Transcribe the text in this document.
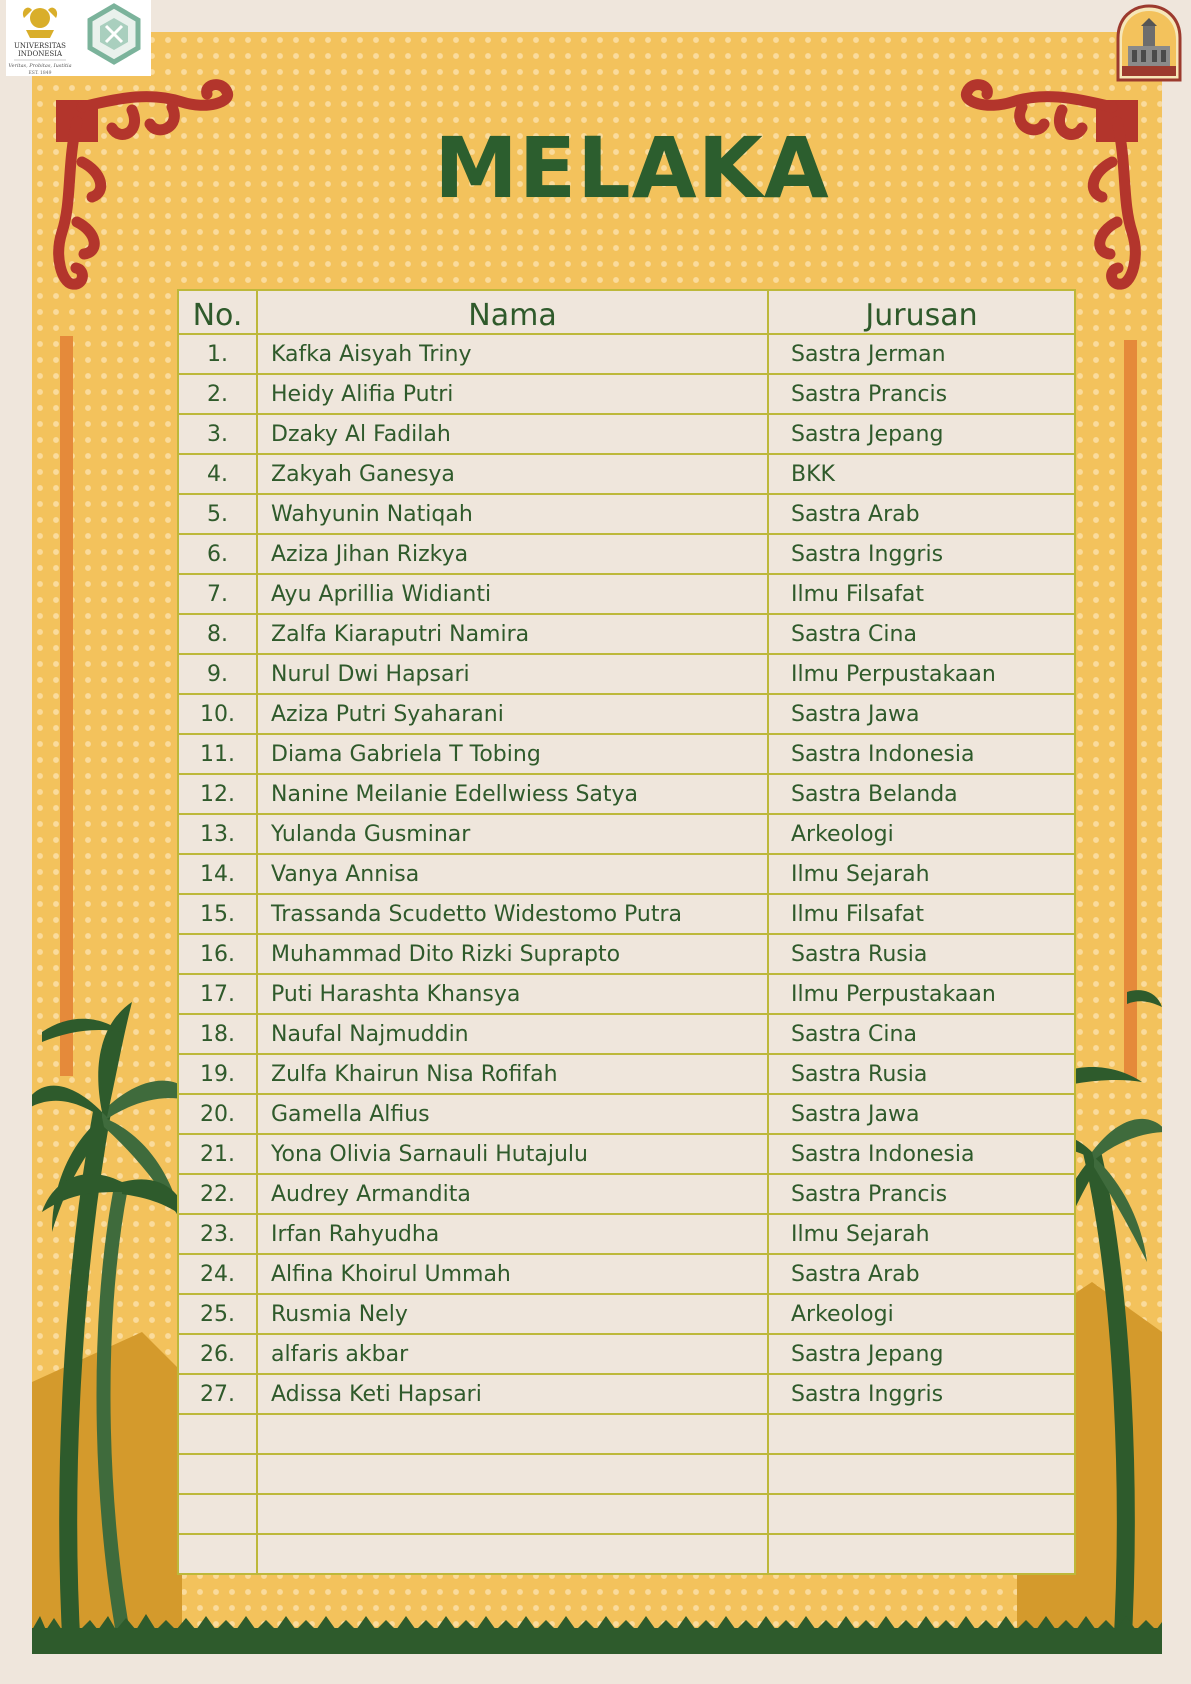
MELAKA
No.	Nama	Jurusan
1.	Kafka Aisyah Triny	Sastra Jerman
2.	Heidy Alifia Putri	Sastra Prancis
3.	Dzaky Al Fadilah	Sastra Jepang
4.	Zakyah Ganesya	BKK
5.	Wahyunin Natiqah	Sastra Arab
6.	Aziza Jihan Rizkya	Sastra Inggris
7.	Ayu Aprillia Widianti	Ilmu Filsafat
8.	Zalfa Kiaraputri Namira	Sastra Cina
9.	Nurul Dwi Hapsari	Ilmu Perpustakaan
10.	Aziza Putri Syaharani	Sastra Jawa
11.	Diama Gabriela T Tobing	Sastra Indonesia
12.	Nanine Meilanie Edellwiess Satya	Sastra Belanda
13.	Yulanda Gusminar	Arkeologi
14.	Vanya Annisa	Ilmu Sejarah
15.	Trassanda Scudetto Widestomo Putra	Ilmu Filsafat
16.	Muhammad Dito Rizki Suprapto	Sastra Rusia
17.	Puti Harashta Khansya	Ilmu Perpustakaan
18.	Naufal Najmuddin	Sastra Cina
19.	Zulfa Khairun Nisa Rofifah	Sastra Rusia
20.	Gamella Alfius	Sastra Jawa
21.	Yona Olivia Sarnauli Hutajulu	Sastra Indonesia
22.	Audrey Armandita	Sastra Prancis
23.	Irfan Rahyudha	Ilmu Sejarah
24.	Alfina Khoirul Ummah	Sastra Arab
25.	Rusmia Nely	Arkeologi
26.	alfaris akbar	Sastra Jepang
27.	Adissa Keti Hapsari	Sastra Inggris

UNIVERSITAS
INDONESIA
Veritas, Probitas, Iustitia
EST. 1849
